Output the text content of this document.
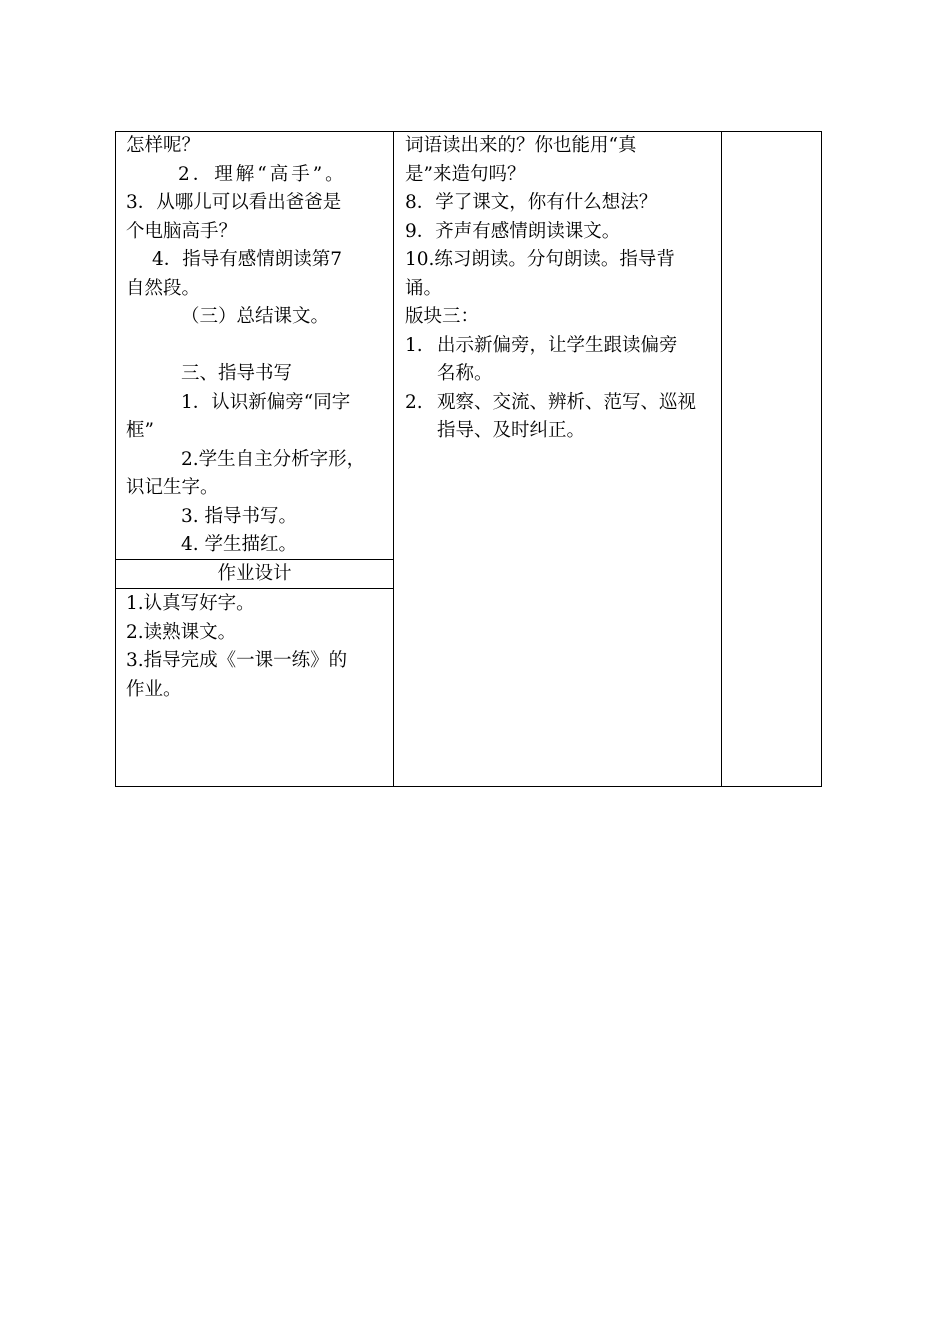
怎样呢？

2．理解“高手”。

3．从哪儿可以看出爸爸是

个电脑高手？

4．指导有感情朗读第7

自然段。

（三）总结课文。

三、指导书写

1．认识新偏旁“同字

框”

2.学生自主分析字形，

识记生字。

3. 指导书写。

4. 学生描红。

作业设计

1.认真写好字。

2.读熟课文。

3.指导完成《一课一练》的

作业。

词语读出来的？你也能用“真

是”来造句吗？

8．学了课文，你有什么想法？

9．齐声有感情朗读课文。

10.练习朗读。分句朗读。指导背

诵。

版块三：

1. 出示新偏旁，让学生跟读偏旁

名称。

2. 观察、交流、辨析、范写、巡视

指导、及时纠正。
